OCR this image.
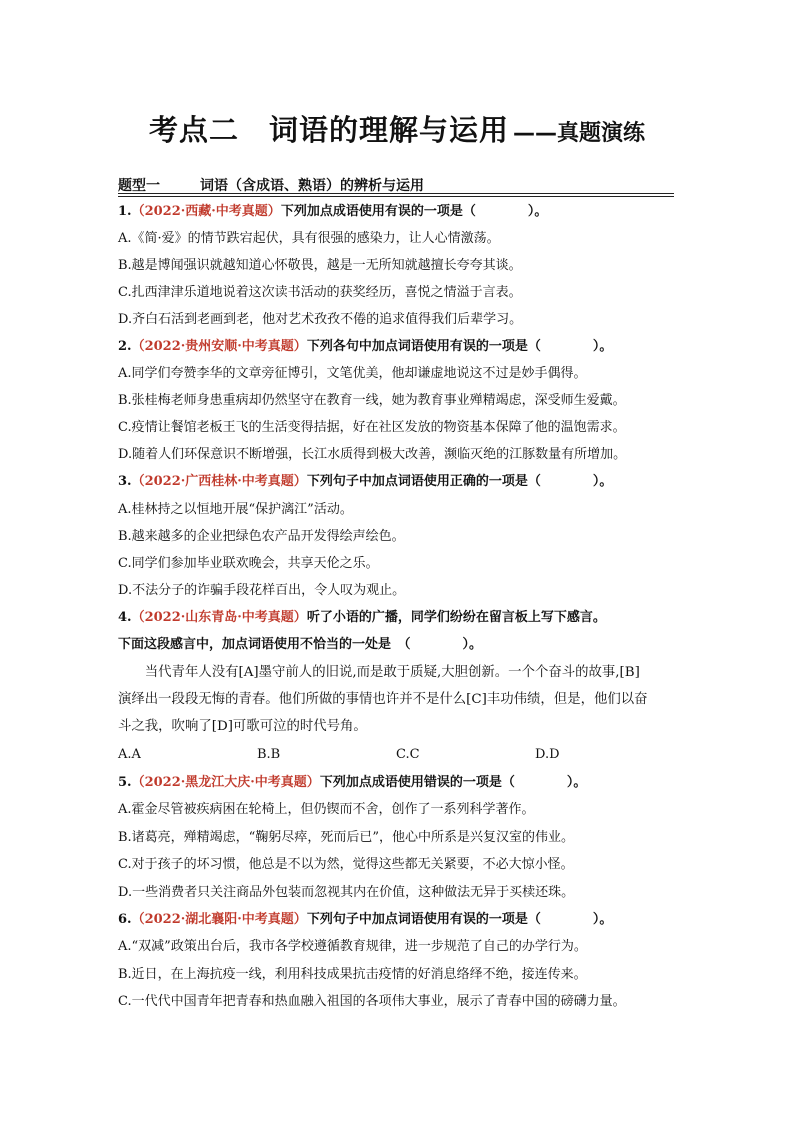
考点二　词语的理解与运用 ——真题演练
题型一	词语（含成语、熟语）的辨析与运用
1.（2022·西藏·中考真题）下列加点成语使用有误的一项是（　　　　）。
A.《简·爱》的情节跌宕起伏，具有很强的感染力，让人心情激荡。
B.越是博闻强识就越知道心怀敬畏，越是一无所知就越擅长夸夸其谈。
C.扎西津津乐道地说着这次读书活动的获奖经历，喜悦之情溢于言表。
D.齐白石活到老画到老，他对艺术孜孜不倦的追求值得我们后辈学习。
2.（2022·贵州安顺·中考真题）下列各句中加点词语使用有误的一项是（　　　　）。
A.同学们夸赞李华的文章旁征博引，文笔优美，他却谦虚地说这不过是妙手偶得。
B.张桂梅老师身患重病却仍然坚守在教育一线，她为教育事业殚精竭虑，深受师生爱戴。
C.疫情让餐馆老板王飞的生活变得拮据，好在社区发放的物资基本保障了他的温饱需求。
D.随着人们环保意识不断增强，长江水质得到极大改善，濒临灭绝的江豚数量有所增加。
3.（2022·广西桂林·中考真题）下列句子中加点词语使用正确的一项是（　　　　）。
A.桂林持之以恒地开展“保护漓江”活动。
B.越来越多的企业把绿色农产品开发得绘声绘色。
C.同学们参加毕业联欢晚会，共享天伦之乐。
D.不法分子的诈骗手段花样百出，令人叹为观止。
4.（2022·山东青岛·中考真题）听了小语的广播，同学们纷纷在留言板上写下感言。
下面这段感言中，加点词语使用不恰当的一处是　（　　　　）。
　　当代青年人没有[A]墨守前人的旧说,而是敢于质疑,大胆创新。一个个奋斗的故事,[B]
演绎出一段段无悔的青春。他们所做的事情也许并不是什么[C]丰功伟绩，但是，他们以奋
斗之我，吹响了[D]可歌可泣的时代号角。
A.A	B.B	C.C	D.D
5.（2022·黑龙江大庆·中考真题）下列加点成语使用错误的一项是（　　　　）。
A.霍金尽管被疾病困在轮椅上，但仍锲而不舍，创作了一系列科学著作。
B.诸葛亮，殚精竭虑，“鞠躬尽瘁，死而后已”，他心中所系是兴复汉室的伟业。
C.对于孩子的坏习惯，他总是不以为然，觉得这些都无关紧要，不必大惊小怪。
D.一些消费者只关注商品外包装而忽视其内在价值，这种做法无异于买椟还珠。
6.（2022·湖北襄阳·中考真题）下列句子中加点词语使用有误的一项是（　　　　）。
A.“双减”政策出台后，我市各学校遵循教育规律，进一步规范了自己的办学行为。
B.近日，在上海抗疫一线，利用科技成果抗击疫情的好消息络绎不绝，接连传来。
C.一代代中国青年把青春和热血融入祖国的各项伟大事业，展示了青春中国的磅礴力量。
